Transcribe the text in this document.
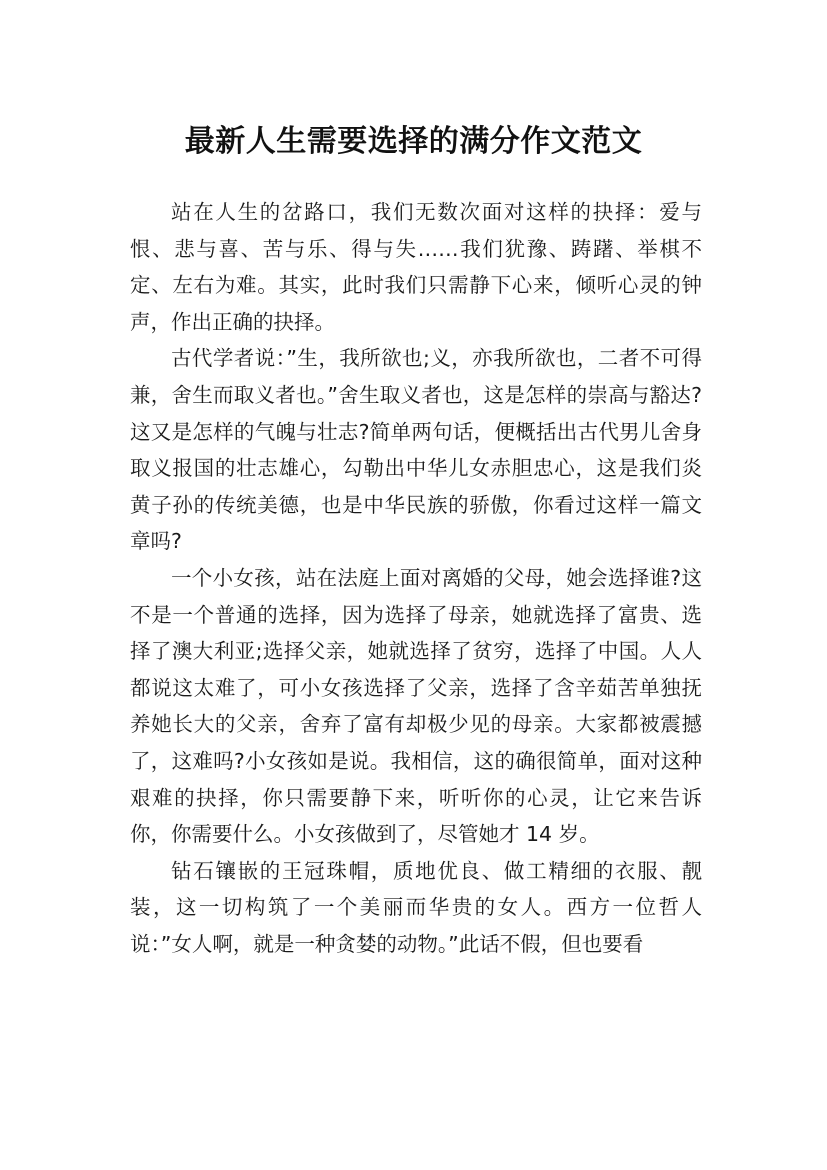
最新人生需要选择的满分作文范文

站在人生的岔路口，我们无数次面对这样的抉择：爱与恨、悲与喜、苦与乐、得与失……我们犹豫、踌躇、举棋不定、左右为难。其实，此时我们只需静下心来，倾听心灵的钟声，作出正确的抉择。

古代学者说：”生，我所欲也;义，亦我所欲也，二者不可得兼，舍生而取义者也。”舍生取义者也，这是怎样的崇高与豁达?这又是怎样的气魄与壮志?简单两句话，便概括出古代男儿舍身取义报国的壮志雄心，勾勒出中华儿女赤胆忠心，这是我们炎黄子孙的传统美德，也是中华民族的骄傲，你看过这样一篇文章吗?

一个小女孩，站在法庭上面对离婚的父母，她会选择谁?这不是一个普通的选择，因为选择了母亲，她就选择了富贵、选择了澳大利亚;选择父亲，她就选择了贫穷，选择了中国。人人都说这太难了，可小女孩选择了父亲，选择了含辛茹苦单独抚养她长大的父亲，舍弃了富有却极少见的母亲。大家都被震撼了，这难吗?小女孩如是说。我相信，这的确很简单，面对这种艰难的抉择，你只需要静下来，听听你的心灵，让它来告诉你，你需要什么。小女孩做到了，尽管她才 14 岁。

钻石镶嵌的王冠珠帽，质地优良、做工精细的衣服、靓装，这一切构筑了一个美丽而华贵的女人。西方一位哲人说：”女人啊，就是一种贪婪的动物。”此话不假，但也要看
